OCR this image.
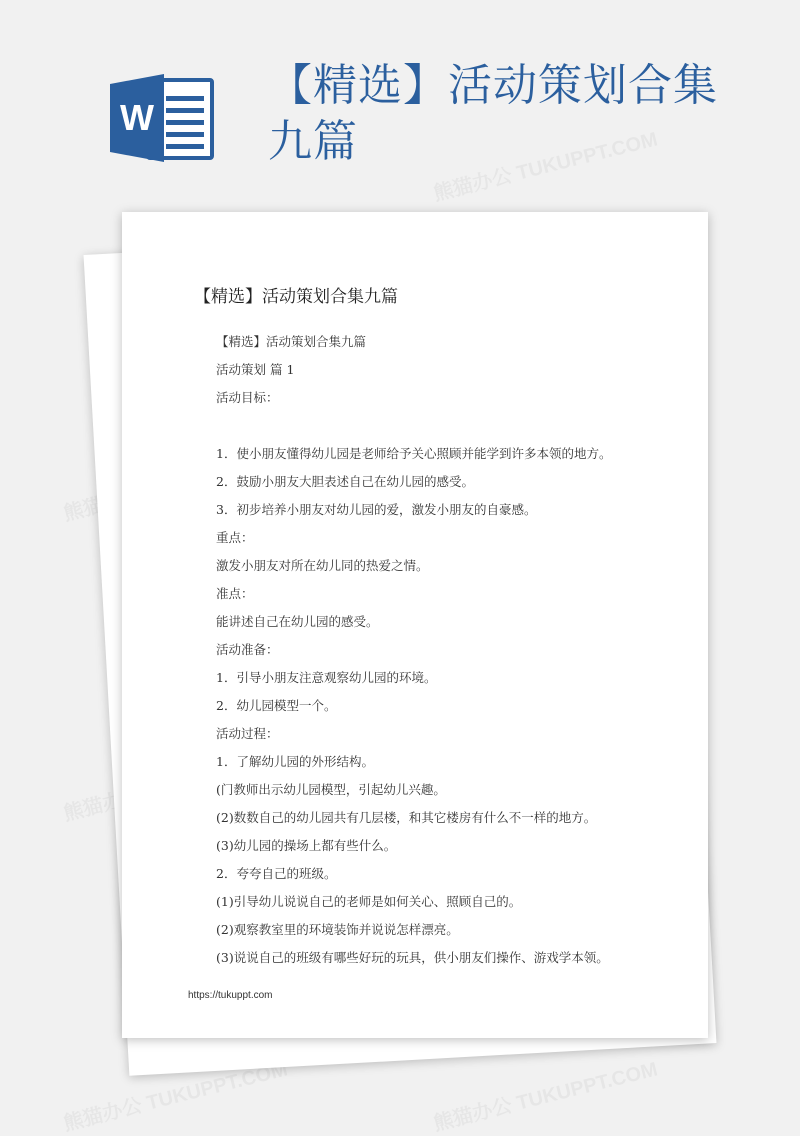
W
【精选】活动策划合集九篇
【精选】活动策划合集九篇
【精选】活动策划合集九篇
活动策划 篇 1
活动目标：
1．使小朋友懂得幼儿园是老师给予关心照顾并能学到许多本领的地方。
2．鼓励小朋友大胆表述自己在幼儿园的感受。
3．初步培养小朋友对幼儿园的爱，激发小朋友的自豪感。
重点：
激发小朋友对所在幼儿同的热爱之情。
准点：
能讲述自己在幼儿园的感受。
活动准备：
1．引导小朋友注意观察幼儿园的环境。
2．幼儿园模型一个。
活动过程：
1．了解幼儿园的外形结构。
(门教师出示幼儿园模型，引起幼儿兴趣。
(2)数数自己的幼儿园共有几层楼，和其它楼房有什么不一样的地方。
(3)幼儿园的操场上都有些什么。
2．夸夸自己的班级。
(1)引导幼儿说说自己的老师是如何关心、照顾自己的。
(2)观察教室里的环境装饰并说说怎样漂亮。
(3)说说自己的班级有哪些好玩的玩具，供小朋友们操作、游戏学本领。
https://tukuppt.com
